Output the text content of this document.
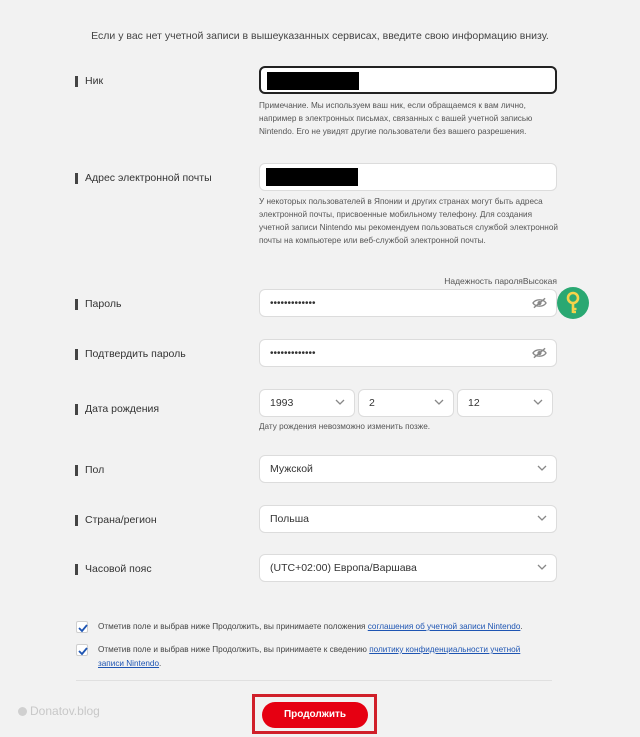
Если у вас нет учетной записи в вышеуказанных сервисах, введите свою информацию внизу.
Ник
Примечание. Мы используем ваш ник, если обращаемся к вам лично, например в электронных письмах, связанных с вашей учетной записью Nintendo. Его не увидят другие пользователи без вашего разрешения.
Адрес электронной почты
У некоторых пользователей в Японии и других странах могут быть адреса электронной почты, присвоенные мобильному телефону. Для создания учетной записи Nintendo мы рекомендуем пользоваться службой электронной почты на компьютере или веб-службой электронной почты.
Надежность пароляВысокая
Пароль	•••••••••••••
Подтвердить пароль	•••••••••••••
Дата рождения	1993	2	12
Дату рождения невозможно изменить позже.
Пол	Мужской
Страна/регион	Польша
Часовой пояс	(UTC+02:00) Европа/Варшава
Отметив поле и выбрав ниже Продолжить, вы принимаете положения соглашения об учетной записи Nintendo.
Отметив поле и выбрав ниже Продолжить, вы принимаете к сведению политику конфиденциальности учетной записи Nintendo.
Donatov.blog	Продолжить
